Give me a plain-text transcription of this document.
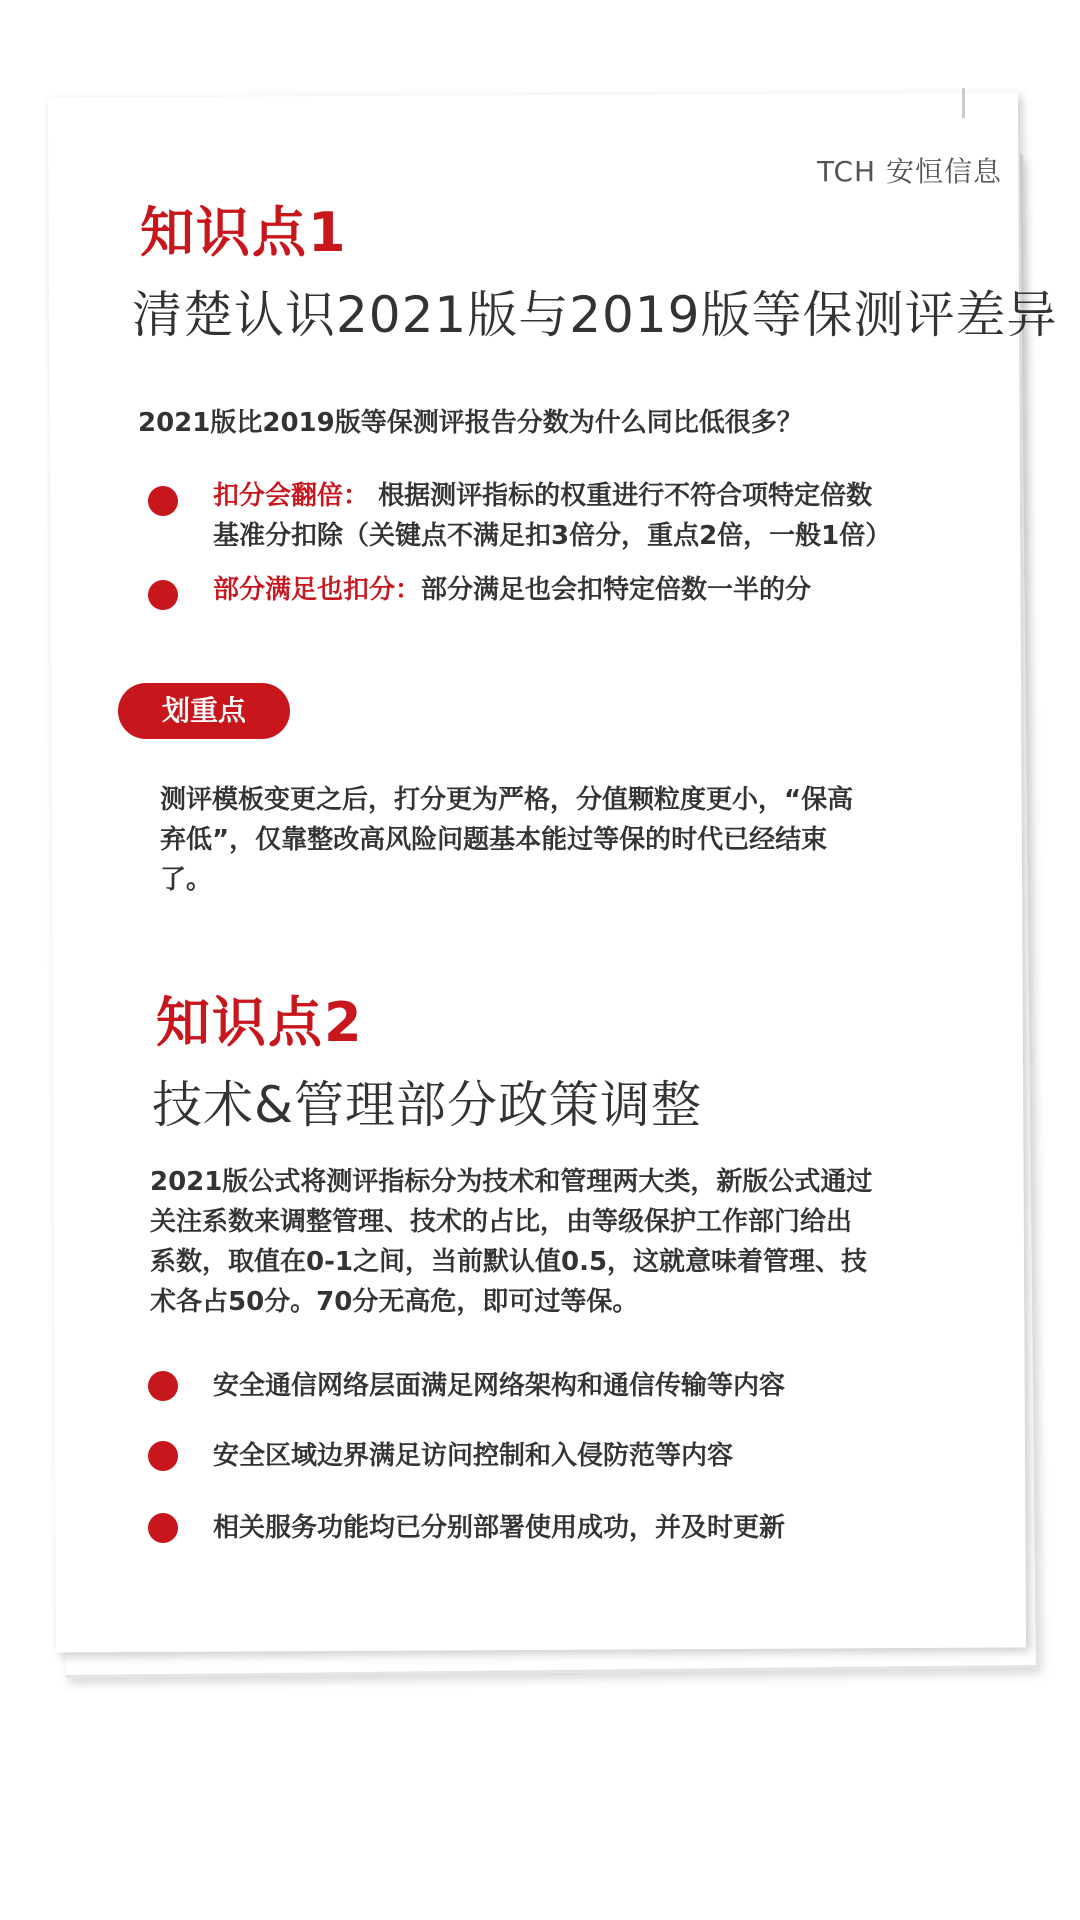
TCH 安恒信息
知识点1
清楚认识2021版与2019版等保测评差异
2021版比2019版等保测评报告分数为什么同比低很多？
扣分会翻倍： 根据测评指标的权重进行不符合项特定倍数
基准分扣除（关键点不满足扣3倍分，重点2倍，一般1倍）
部分满足也扣分：部分满足也会扣特定倍数一半的分
划重点
测评模板变更之后，打分更为严格，分值颗粒度更小，“保高
弃低”，仅靠整改高风险问题基本能过等保的时代已经结束
了。
知识点2
技术&管理部分政策调整
2021版公式将测评指标分为技术和管理两大类，新版公式通过
关注系数来调整管理、技术的占比，由等级保护工作部门给出
系数，取值在0-1之间，当前默认值0.5，这就意味着管理、技
术各占50分。70分无高危，即可过等保。
安全通信网络层面满足网络架构和通信传输等内容
安全区域边界满足访问控制和入侵防范等内容
相关服务功能均已分别部署使用成功，并及时更新
